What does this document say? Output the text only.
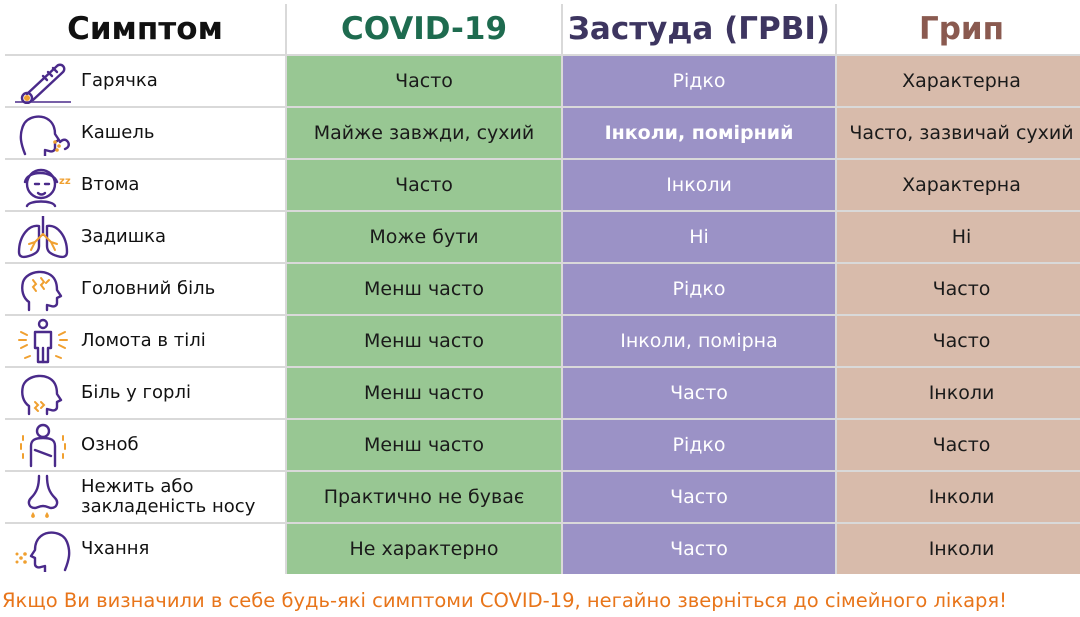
Симптом	COVID-19	Застуда (ГРВІ)	Грип
Гарячка	Часто	Рідко	Характерна
Кашель	Майже завжди, сухий	Інколи, помірний	Часто, зазвичай сухий
zz Втома	Часто	Інколи	Характерна
Задишка	Може бути	Ні	Ні
Головний біль	Менш часто	Рідко	Часто
Ломота в тілі	Менш часто	Інколи, помірна	Часто
Біль у горлі	Менш часто	Часто	Інколи
Озноб	Менш часто	Рідко	Часто
Нежить або закладеність носу	Практично не буває	Часто	Інколи
Чхання	Не характерно	Часто	Інколи
Якщо Ви визначили в себе будь-які симптоми COVID-19, негайно зверніться до сімейного лікаря!
